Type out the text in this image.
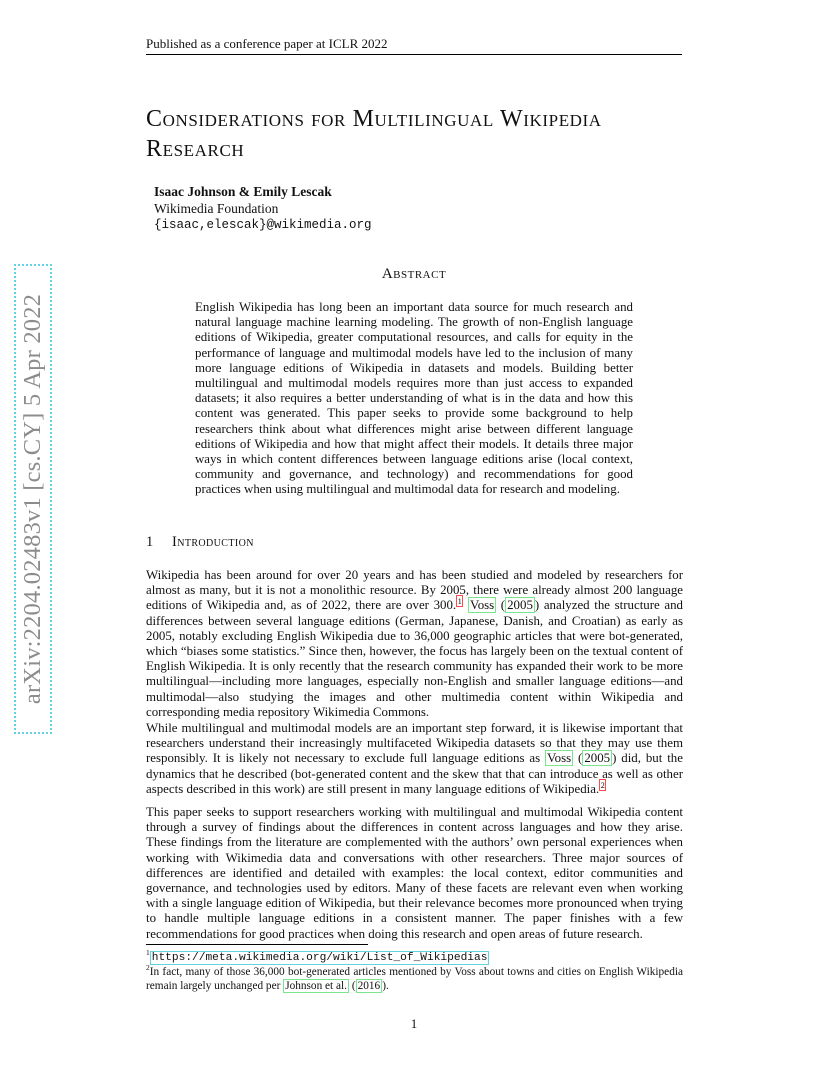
Published as a conference paper at ICLR 2022
arXiv:2204.02483v1 [cs.CY] 5 Apr 2022
Considerations for Multilingual Wikipedia
Research
Isaac Johnson & Emily Lescak
Wikimedia Foundation
{isaac,elescak}@wikimedia.org
Abstract

English Wikipedia has long been an important data source for much research and natural language machine learning modeling. The growth of non-English language editions of Wikipedia, greater computational resources, and calls for equity in the performance of language and multimodal models have led to the inclusion of many more language editions of Wikipedia in datasets and models. Building better multilingual and multimodal models requires more than just access to expanded datasets; it also requires a better understanding of what is in the data and how this content was generated. This paper seeks to provide some background to help researchers think about what differences might arise between different language editions of Wikipedia and how that might affect their models. It details three major ways in which content differences between language editions arise (local context, community and governance, and technology) and recommendations for good practices when using multilingual and multimodal data for research and modeling.

1 Introduction

Wikipedia has been around for over 20 years and has been studied and modeled by researchers for almost as many, but it is not a monolithic resource. By 2005, there were already almost 200 language editions of Wikipedia and, as of 2022, there are over 300. $^1$ Voss ( 2005 ) analyzed the structure and differences between several language editions (German, Japanese, Danish, and Croatian) as early as 2005, notably excluding English Wikipedia due to 36,000 geographic articles that were bot-generated, which “biases some statistics.” Since then, however, the focus has largely been on the textual content of English Wikipedia. It is only recently that the research community has expanded their work to be more multilingual—including more languages, especially non-English and smaller language editions—and multimodal—also studying the images and other multimedia content within Wikipedia and corresponding media repository Wikimedia Commons.

While multilingual and multimodal models are an important step forward, it is likewise important that researchers understand their increasingly multifaceted Wikipedia datasets so that they may use them responsibly. It is likely not necessary to exclude full language editions as Voss ( 2005 ) did, but the dynamics that he described (bot-generated content and the skew that that can introduce as well as other aspects described in this work) are still present in many language editions of Wikipedia. $^2$

This paper seeks to support researchers working with multilingual and multimodal Wikipedia content through a survey of findings about the differences in content across languages and how they arise. These findings from the literature are complemented with the authors’ own personal experiences when working with Wikimedia data and conversations with other researchers. Three major sources of differences are identified and detailed with examples: the local context, editor communities and governance, and technologies used by editors. Many of these facets are relevant even when working with a single language edition of Wikipedia, but their relevance becomes more pronounced when trying to handle multiple language editions in a consistent manner. The paper finishes with a few recommendations for good practices when doing this research and open areas of future research.

$^1$ https://meta.wikimedia.org/wiki/List_of_Wikipedias

$^2$In fact, many of those 36,000 bot-generated articles mentioned by Voss about towns and cities on English Wikipedia remain largely unchanged per Johnson et al. ( 2016 ).

1
